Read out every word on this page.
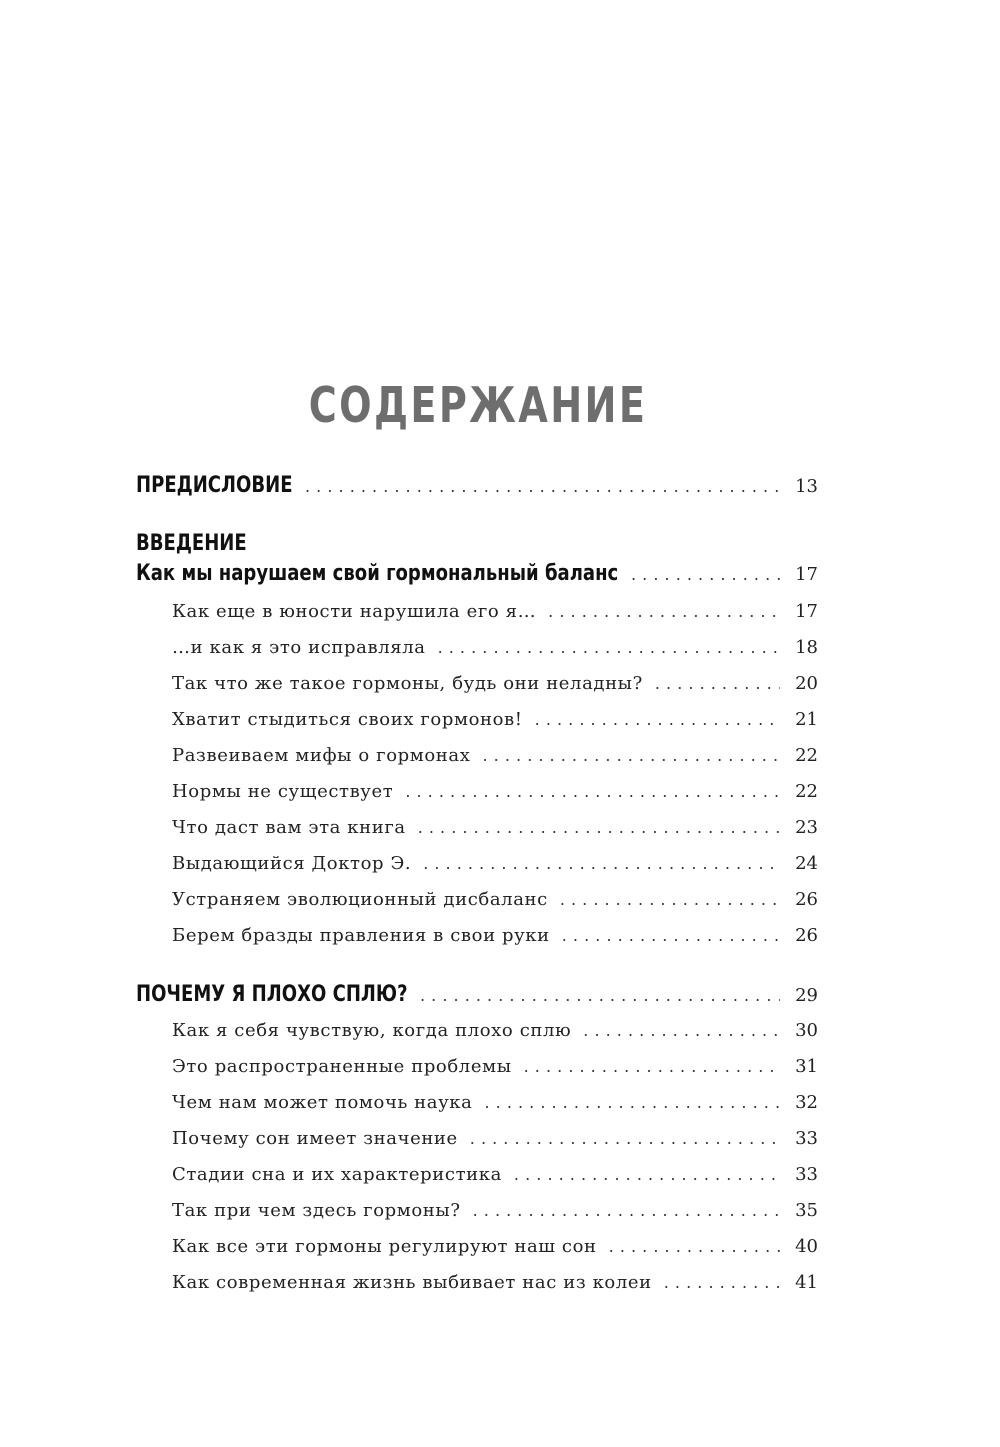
СОДЕРЖАНИЕ
ПРЕДИСЛОВИЕ . . .	13
ВВЕДЕНИЕ
Как мы нарушаем свой гормональный баланс . . .	17
Как еще в юности нарушила его я… . . .	17
…и как я это исправляла . . .	18
Так что же такое гормоны, будь они неладны? . . .	20
Хватит стыдиться своих гормонов! . . .	21
Развеиваем мифы о гормонах . . .	22
Нормы не существует . . .	22
Что даст вам эта книга . . .	23
Выдающийся Доктор Э. . . .	24
Устраняем эволюционный дисбаланс . . .	26
Берем бразды правления в свои руки . . .	26
ПОЧЕМУ Я ПЛОХО СПЛЮ? . . .	29
Как я себя чувствую, когда плохо сплю . . .	30
Это распространенные проблемы . . .	31
Чем нам может помочь наука . . .	32
Почему сон имеет значение . . .	33
Стадии сна и их характеристика . . .	33
Так при чем здесь гормоны? . . .	35
Как все эти гормоны регулируют наш сон . . .	40
Как современная жизнь выбивает нас из колеи . . .	41
